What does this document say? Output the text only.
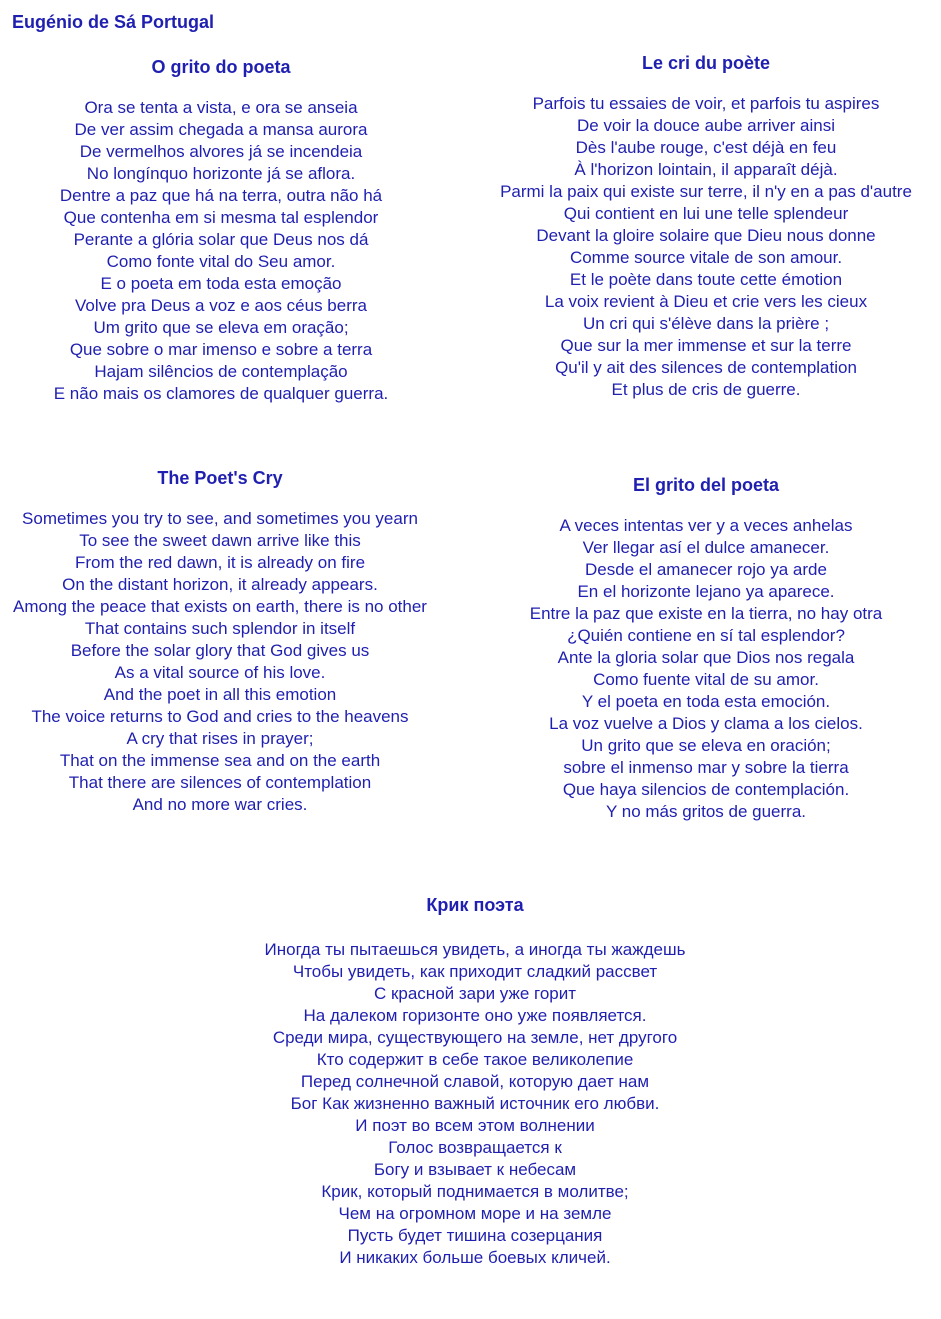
Eugénio de Sá Portugal
O grito do poeta
Ora se tenta a vista, e ora se anseia
De ver assim chegada a mansa aurora
De vermelhos alvores já se incendeia
No longínquo horizonte já se aflora.
Dentre a paz que há na terra, outra não há
Que contenha em si mesma tal esplendor
Perante a glória solar que Deus nos dá
Como fonte vital do Seu amor.
E o poeta em toda esta emoção
Volve pra Deus a voz e aos céus berra
Um grito que se eleva em oração;
Que sobre o mar imenso e sobre a terra
Hajam silêncios de contemplação
E não mais os clamores de qualquer guerra.
Le cri du poète
Parfois tu essaies de voir, et parfois tu aspires
De voir la douce aube arriver ainsi
Dès l'aube rouge, c'est déjà en feu
À l'horizon lointain, il apparaît déjà.
Parmi la paix qui existe sur terre, il n'y en a pas d'autre
Qui contient en lui une telle splendeur
Devant la gloire solaire que Dieu nous donne
Comme source vitale de son amour.
Et le poète dans toute cette émotion
La voix revient à Dieu et crie vers les cieux
Un cri qui s'élève dans la prière ;
Que sur la mer immense et sur la terre
Qu'il y ait des silences de contemplation
Et plus de cris de guerre.
The Poet's Cry
Sometimes you try to see, and sometimes you yearn
To see the sweet dawn arrive like this
From the red dawn, it is already on fire
On the distant horizon, it already appears.
Among the peace that exists on earth, there is no other
That contains such splendor in itself
Before the solar glory that God gives us
As a vital source of his love.
And the poet in all this emotion
The voice returns to God and cries to the heavens
A cry that rises in prayer;
That on the immense sea and on the earth
That there are silences of contemplation
And no more war cries.
El grito del poeta
A veces intentas ver y a veces anhelas
Ver llegar así el dulce amanecer.
Desde el amanecer rojo ya arde
En el horizonte lejano ya aparece.
Entre la paz que existe en la tierra, no hay otra
¿Quién contiene en sí tal esplendor?
Ante la gloria solar que Dios nos regala
Como fuente vital de su amor.
Y el poeta en toda esta emoción.
La voz vuelve a Dios y clama a los cielos.
Un grito que se eleva en oración;
sobre el inmenso mar y sobre la tierra
Que haya silencios de contemplación.
Y no más gritos de guerra.
Крик поэта
Иногда ты пытаешься увидеть, а иногда ты жаждешь
Чтобы увидеть, как приходит сладкий рассвет
С красной зари уже горит
На далеком горизонте оно уже появляется.
Среди мира, существующего на земле, нет другого
Кто содержит в себе такое великолепие
Перед солнечной славой, которую дает нам
Бог Как жизненно важный источник его любви.
И поэт во всем этом волнении
Голос возвращается к
Богу и взывает к небесам
Крик, который поднимается в молитве;
Чем на огромном море и на земле
Пусть будет тишина созерцания
И никаких больше боевых кличей.
